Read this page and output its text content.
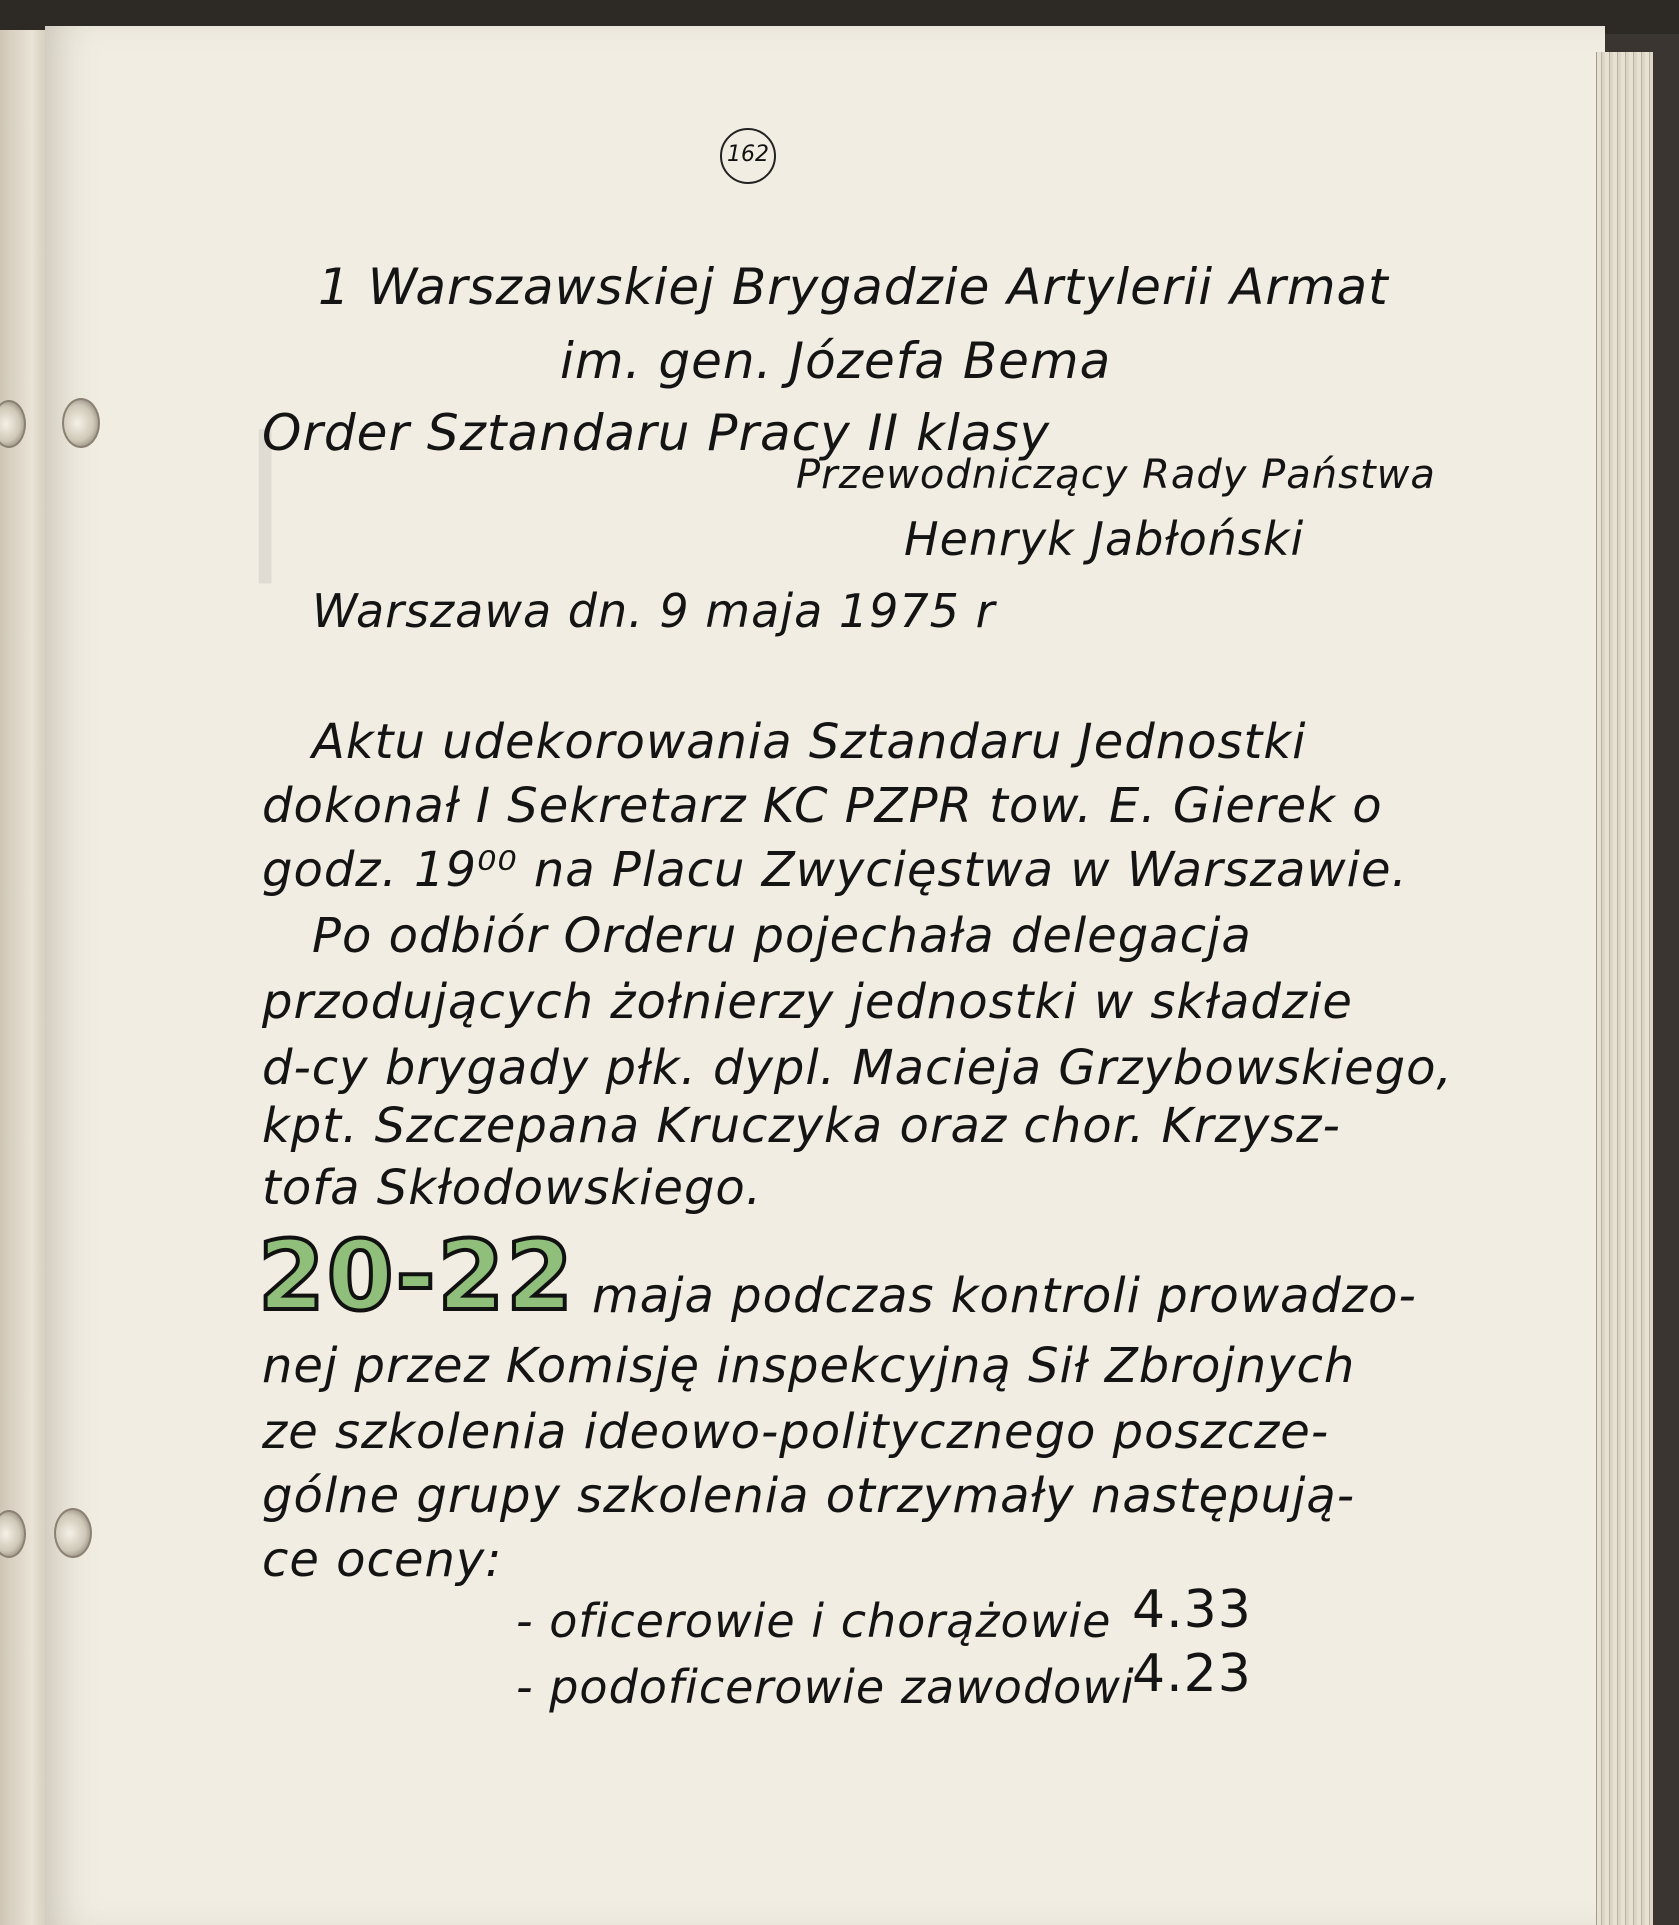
▏
162
1 Warszawskiej Brygadzie Artylerii Armat
im. gen. Józefa Bema
Order Sztandaru Pracy II klasy
Przewodniczący Rady Państwa
Henryk Jabłoński
Warszawa dn. 9 maja 1975 r
Aktu udekorowania Sztandaru Jednostki
dokonał I Sekretarz KC PZPR tow. E. Gierek o
godz. 19⁰⁰ na Placu Zwycięstwa w Warszawie.
Po odbiór Orderu pojechała delegacja
przodujących żołnierzy jednostki w składzie
d-cy brygady płk. dypl. Macieja Grzybowskiego,
kpt. Szczepana Kruczyka oraz chor. Krzysz-
tofa Skłodowskiego.
20-22 maja podczas kontroli prowadzo-
nej przez Komisję inspekcyjną Sił Zbrojnych
ze szkolenia ideowo-politycznego poszcze-
gólne grupy szkolenia otrzymały następują-
ce oceny:
- oficerowie i chorążowie 4.33
- podoficerowie zawodowi
4.23
